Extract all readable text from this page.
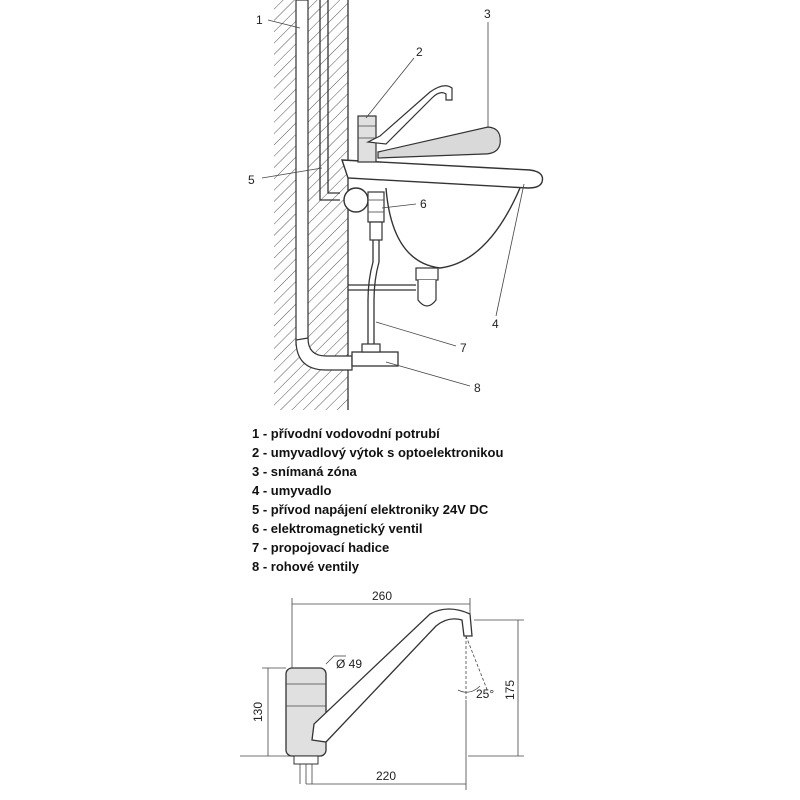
1
2
3
4
5
6
7
8
260
220
Ø 49
130
175
25°
1 - přívodní vodovodní potrubí
2 - umyvadlový výtok s optoelektronikou
3 - snímaná zóna
4 - umyvadlo
5 - přívod napájení elektroniky 24V DC
6 - elektromagnetický ventil
7 - propojovací hadice
8 - rohové ventily
